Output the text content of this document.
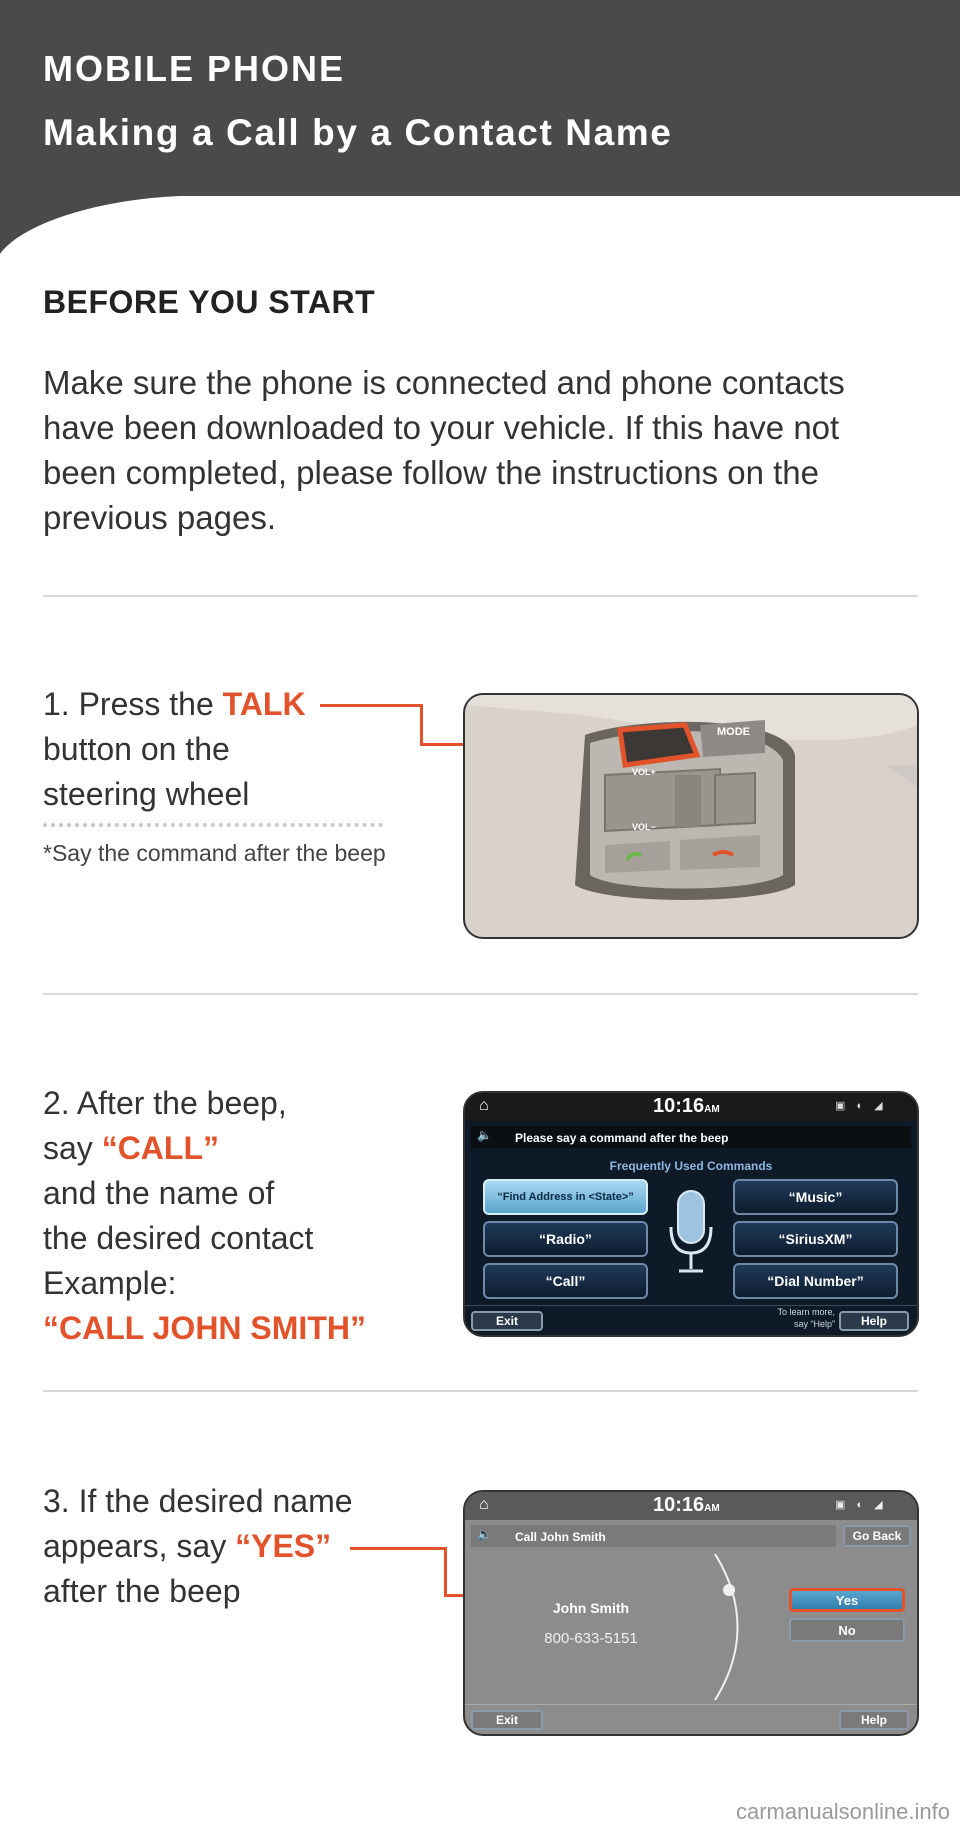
MOBILE PHONE
Making a Call by a Contact Name
BEFORE YOU START
Make sure the phone is connected and phone contacts have been downloaded to your vehicle. If this have not been completed, please follow the instructions on the previous pages.
1. Press the TALK
button on the
steering wheel
*Say the command after the beep
MODE
VOL+
VOL−
2. After the beep,
say “CALL”
and the name of
the desired contact
Example:
“CALL JOHN SMITH”
⌂	10:16AM	▣ ◐ ◢
🔈 Please say a command after the beep
Frequently Used Commands
“Find Address in <State>”
“Radio”
“Call”
“Music”
“SiriusXM”
“Dial Number”
Exit
To learn more,
say “Help”	Help
3. If the desired name
appears, say “YES”
after the beep
⌂	10:16AM	▣ ◐ ◢
🔈 Call John Smith	Go Back
John Smith
800-633-5151
Yes
No
Exit	Help
carmanualsonline.info
